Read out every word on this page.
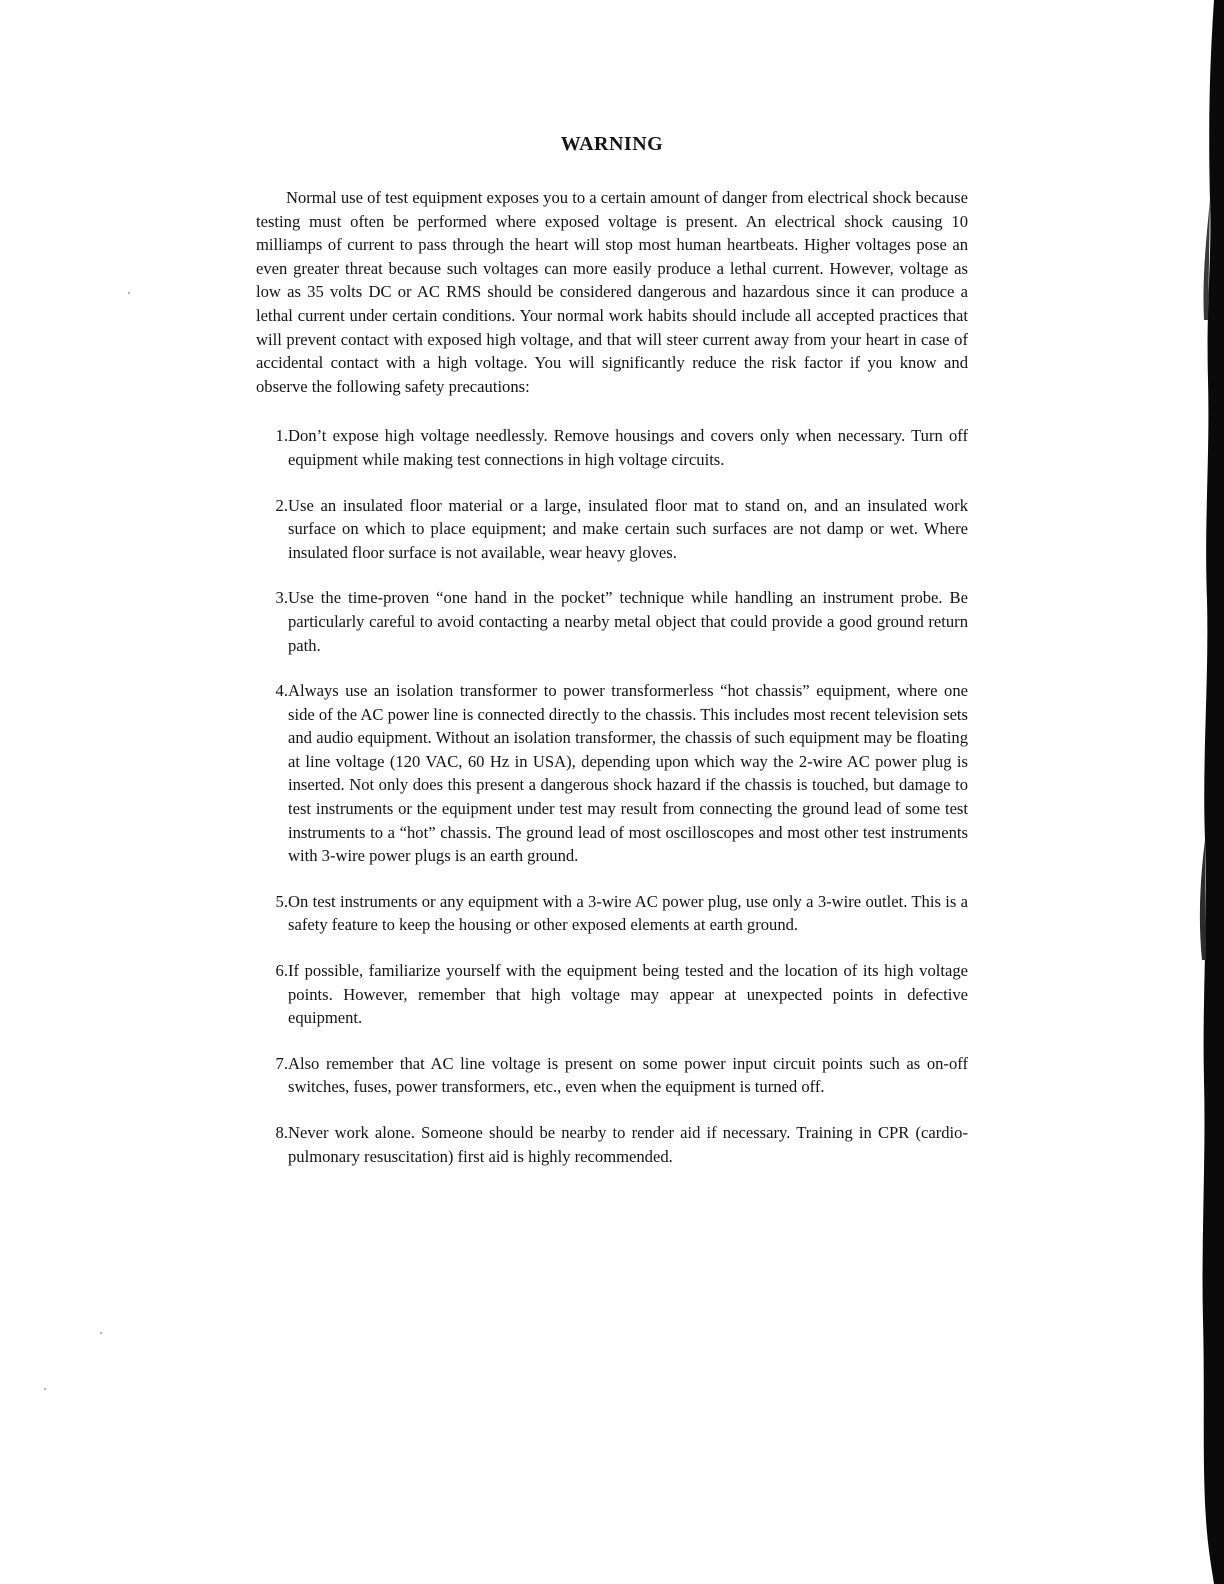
WARNING

Normal use of test equipment exposes you to a certain amount of danger from electrical shock because testing must often be performed where exposed voltage is present. An electrical shock causing 10 milliamps of current to pass through the heart will stop most human heartbeats. Higher voltages pose an even greater threat because such voltages can more easily produce a lethal current. However, voltage as low as 35 volts DC or AC RMS should be considered dangerous and hazardous since it can produce a lethal current under certain conditions. Your normal work habits should include all accepted practices that will prevent contact with exposed high voltage, and that will steer current away from your heart in case of accidental contact with a high voltage. You will significantly reduce the risk factor if you know and observe the following safety precautions:

1. Don’t expose high voltage needlessly. Remove housings and covers only when necessary. Turn off equipment while making test connections in high voltage circuits.
2. Use an insulated floor material or a large, insulated floor mat to stand on, and an insulated work surface on which to place equipment; and make certain such surfaces are not damp or wet. Where insulated floor surface is not available, wear heavy gloves.
3. Use the time-proven “one hand in the pocket” technique while handling an instrument probe. Be particularly careful to avoid contacting a nearby metal object that could provide a good ground return path.
4. Always use an isolation transformer to power transformerless “hot chassis” equipment, where one side of the AC power line is connected directly to the chassis. This includes most recent television sets and audio equipment. Without an isolation transformer, the chassis of such equipment may be floating at line voltage (120 VAC, 60 Hz in USA), depending upon which way the 2-wire AC power plug is inserted. Not only does this present a dangerous shock hazard if the chassis is touched, but damage to test instruments or the equipment under test may result from connecting the ground lead of some test instruments to a “hot” chassis. The ground lead of most oscilloscopes and most other test instruments with 3-wire power plugs is an earth ground.
5. On test instruments or any equipment with a 3-wire AC power plug, use only a 3-wire outlet. This is a safety feature to keep the housing or other exposed elements at earth ground.
6. If possible, familiarize yourself with the equipment being tested and the location of its high voltage points. However, remember that high voltage may appear at unexpected points in defective equipment.
7. Also remember that AC line voltage is present on some power input circuit points such as on-off switches, fuses, power transformers, etc., even when the equipment is turned off.
8. Never work alone. Someone should be nearby to render aid if necessary. Training in CPR (cardio-pulmonary resuscitation) first aid is highly recommended.
